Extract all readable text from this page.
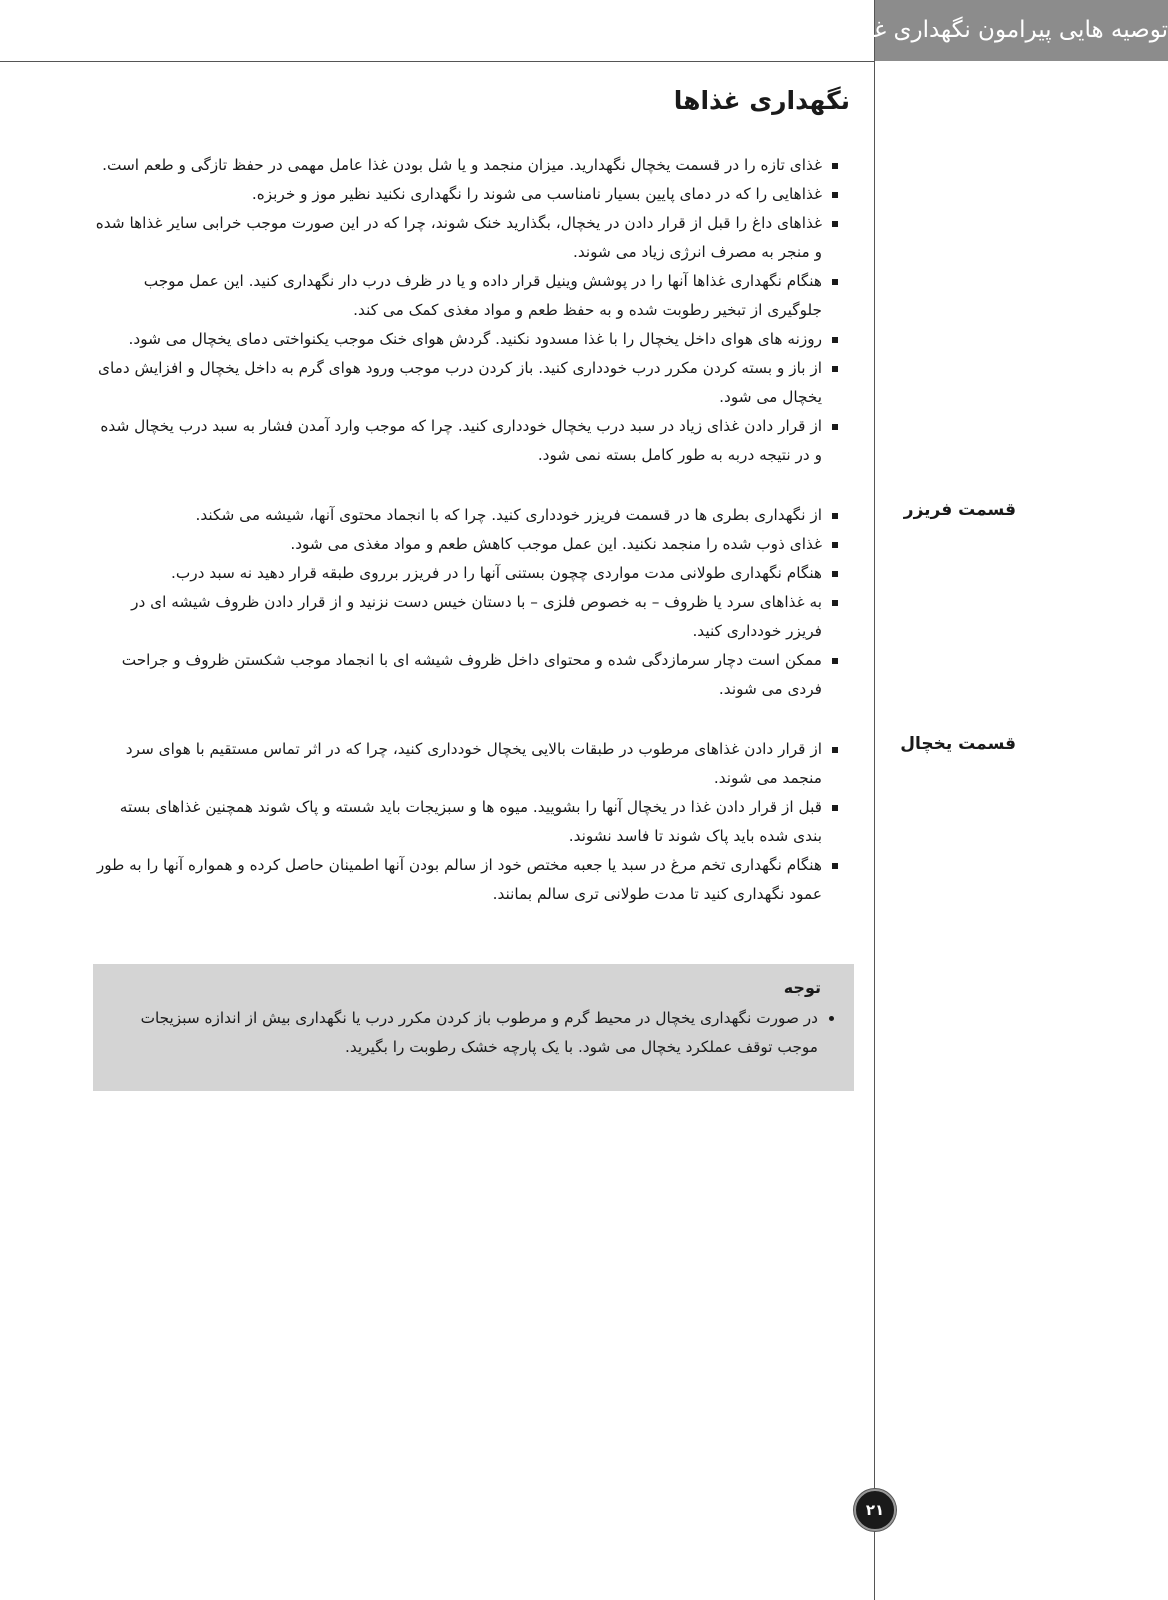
توصیه هایی پیرامون نگهداری غذا
نگهداری غذاها
غذای تازه را در قسمت یخچال نگهدارید. میزان منجمد و یا شل بودن غذا عامل مهمی در حفظ تازگی و طعم است.
غذاهایی را که در دمای پایین بسیار نامناسب می شوند را نگهداری نکنید نظیر موز و خربزه.
غذاهای داغ را قبل از قرار دادن در یخچال، بگذارید خنک شوند، چرا که در این صورت موجب خرابی سایر غذاها شده و منجر به مصرف انرژی زیاد می شوند.
هنگام نگهداری غذاها آنها را در پوشش وینیل قرار داده و یا در ظرف درب دار نگهداری کنید. این عمل موجب جلوگیری از تبخیر رطوبت شده و به حفظ طعم و مواد مغذی کمک می کند.
روزنه های هوای داخل یخچال را با غذا مسدود نکنید. گردش هوای خنک موجب یکنواختی دمای یخچال می شود.
از باز و بسته کردن مکرر درب خودداری کنید. باز کردن درب موجب ورود هوای گرم به داخل یخچال و افزایش دمای یخچال می شود.
از قرار دادن غذای زیاد در سبد درب یخچال خودداری کنید. چرا که موجب وارد آمدن فشار به سبد درب یخچال شده و در نتیجه دربه به طور کامل بسته نمی شود.
قسمت فریزر
از نگهداری بطری ها در قسمت فریزر خودداری کنید. چرا که با انجماد محتوی آنها، شیشه می شکند.
غذای ذوب شده را منجمد نکنید. این عمل موجب کاهش طعم و مواد مغذی می شود.
هنگام نگهداری طولانی مدت مواردی چچون بستنی آنها را در فریزر برروی طبقه قرار دهید نه سبد درب.
به غذاهای سرد یا ظروف – به خصوص فلزی – با دستان خیس دست نزنید و از قرار دادن ظروف شیشه ای در فریزر خودداری کنید.
ممکن است دچار سرمازدگی شده و محتوای داخل ظروف شیشه ای با انجماد موجب شکستن ظروف و جراحت فردی می شوند.
قسمت یخچال
از قرار دادن غذاهای مرطوب در طبقات بالایی یخچال خودداری کنید، چرا که در اثر تماس مستقیم با هوای سرد منجمد می شوند.
قبل از قرار دادن غذا در یخچال آنها را بشویید. میوه ها و سبزیجات باید شسته و پاک شوند همچنین غذاهای بسته بندی شده باید پاک شوند تا فاسد نشوند.
هنگام نگهداری تخم مرغ در سبد یا جعبه مختص خود از سالم بودن آنها اطمینان حاصل کرده و همواره آنها را به طور عمود نگهداری کنید تا مدت طولانی تری سالم بمانند.
توجه
در صورت نگهداری یخچال در محیط گرم و مرطوب باز کردن مکرر درب یا نگهداری بیش از اندازه سبزیجات موجب توقف عملکرد یخچال می شود. با یک پارچه خشک رطوبت را بگیرید.
۲۱
